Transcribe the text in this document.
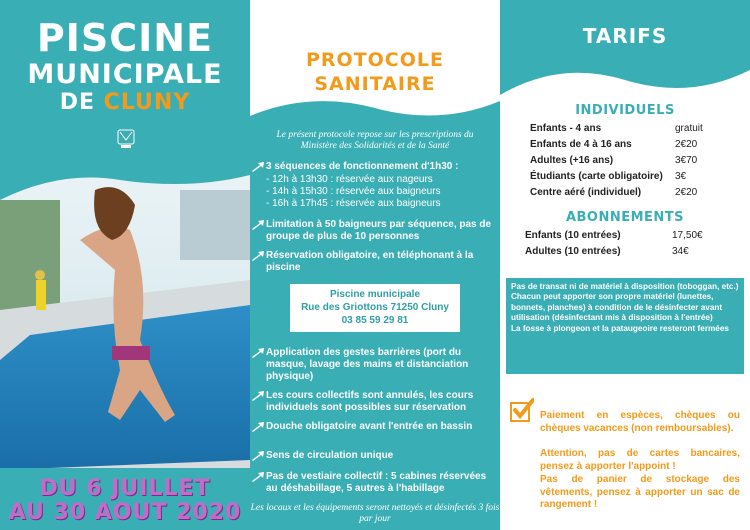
PISCINE
MUNICIPALE
DE CLUNY
DU 6 JUILLET
AU 30 AOUT 2020
PROTOCOLE
SANITAIRE
Le présent protocole repose sur les prescriptions du Ministère des Solidarités et de la Santé
3 séquences de fonctionnement d'1h30 :
- 12h à 13h30 : réservée aux nageurs
- 14h à 15h30 : réservée aux baigneurs
- 16h à 17h45 : réservée aux baigneurs
Limitation à 50 baigneurs par séquence, pas de groupe de plus de 10 personnes
Réservation obligatoire, en téléphonant à la piscine
Piscine municipale
Rue des Griottons 71250 Cluny
03 85 59 29 81
Application des gestes barrières (port du masque, lavage des mains et distanciation physique)
Les cours collectifs sont annulés, les cours individuels sont possibles sur réservation
Douche obligatoire avant l'entrée en bassin
Sens de circulation unique
Pas de vestiaire collectif : 5 cabines réservées au déshabillage, 5 autres à l'habillage
Les locaux et les équipements seront nettoyés et désinfectés 3 fois par jour
TARIFS
INDIVIDUELS
Enfants - 4 ans	gratuit
Enfants de 4 à 16 ans	2€20
Adultes (+16 ans)	3€70
Étudiants (carte obligatoire) 3€
Centre aéré (individuel)	2€20
ABONNEMENTS
Enfants (10 entrées)	17,50€
Adultes (10 entrées)	34€

Pas de transat ni de matériel à disposition (toboggan, etc.)

Chacun peut apporter son propre matériel (lunettes, bonnets, planches) à condition de le désinfecter avant utilisation (désinfectant mis à disposition à l'entrée)

La fosse à plongeon et la pataugeoire resteront fermées

Paiement en espèces, chèques ou chèques vacances (non remboursables).
Attention, pas de cartes bancaires, pensez à apporter l'appoint !
Pas de panier de stockage des vêtements, pensez à apporter un sac de rangement !
